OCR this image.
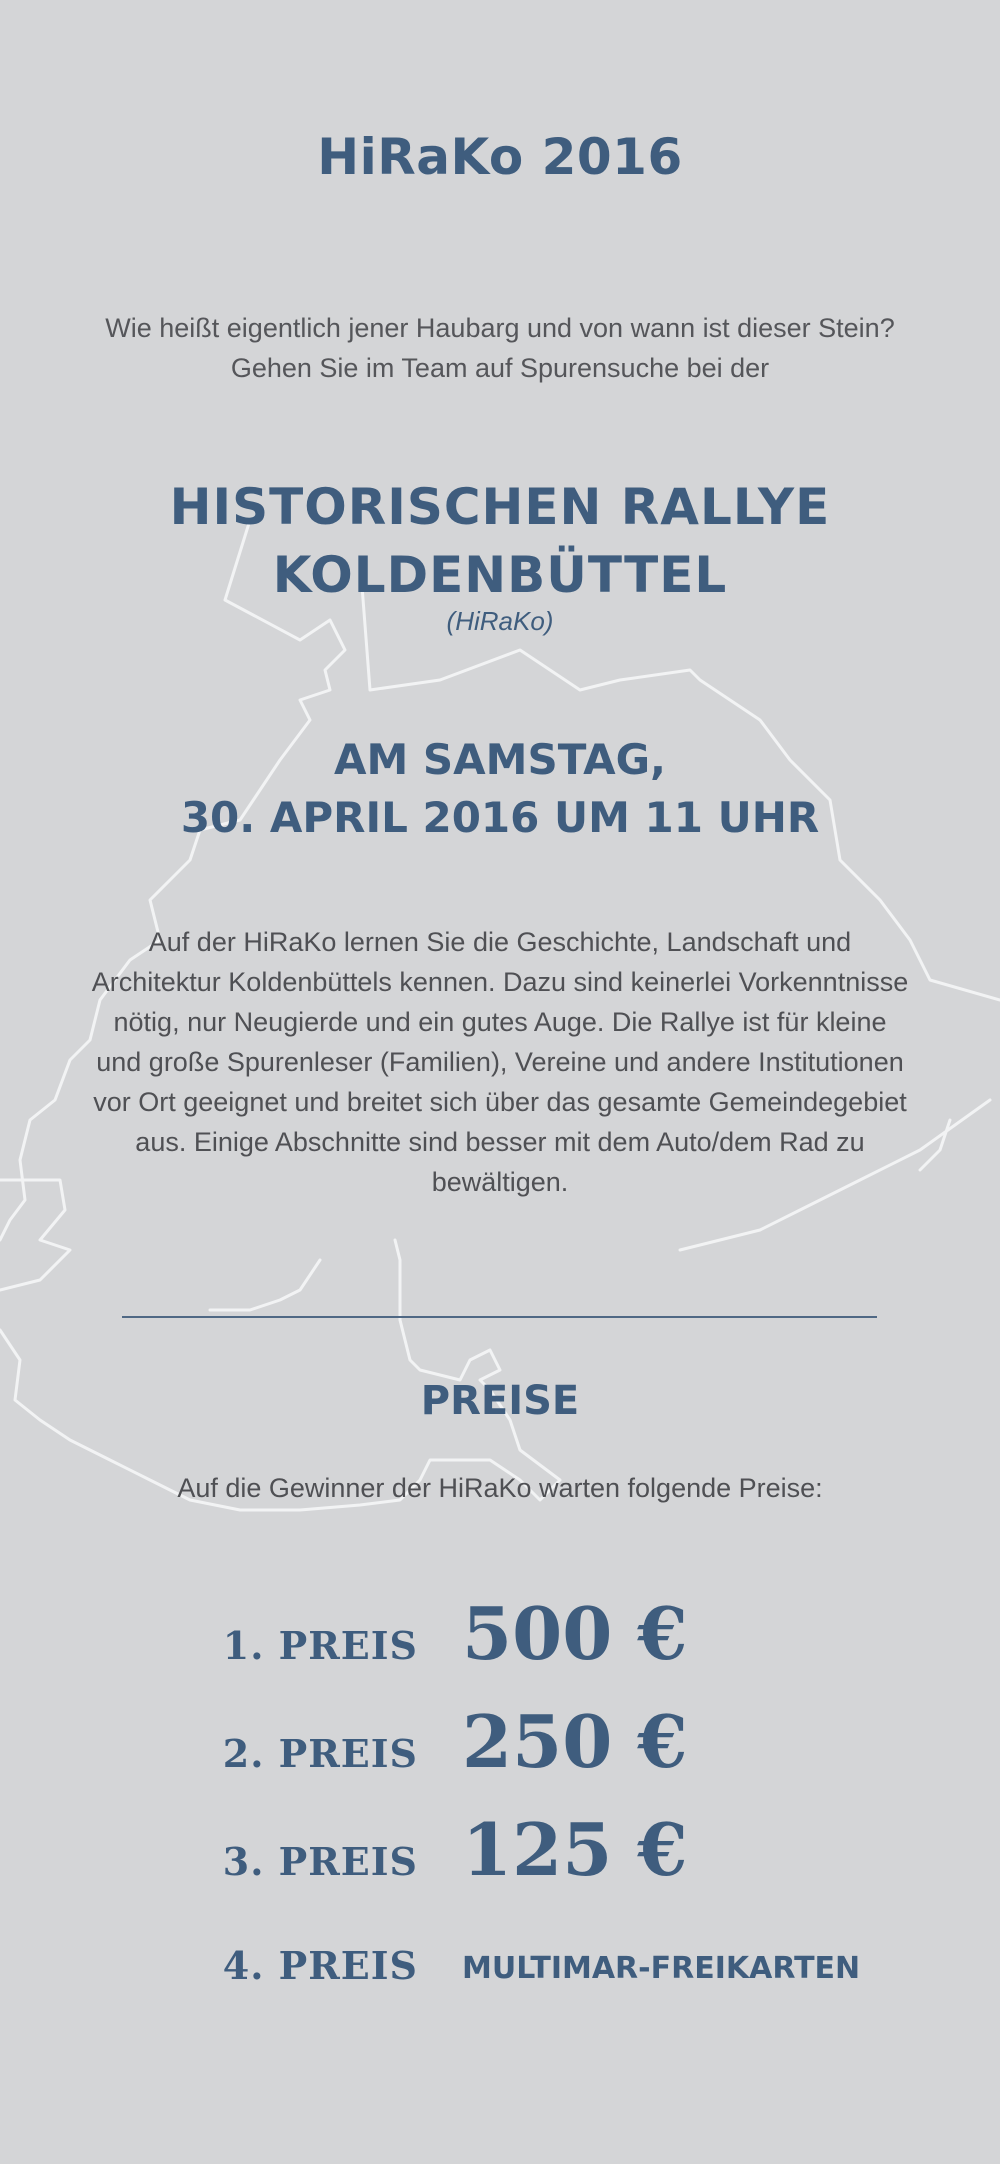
HiRaKo 2016
Wie heißt eigentlich jener Haubarg und von wann ist dieser Stein? Gehen Sie im Team auf Spurensuche bei der
HISTORISCHEN RALLYE
KOLDENBÜTTEL
(HiRaKo)
AM SAMSTAG,
30. APRIL 2016 UM 11 UHR
Auf der HiRaKo lernen Sie die Geschichte, Landschaft und Architektur Koldenbüttels kennen. Dazu sind keinerlei Vorkenntnisse nötig, nur Neugierde und ein gutes Auge. Die Rallye ist für kleine und große Spurenleser (Familien), Vereine und andere Institutionen vor Ort geeignet und breitet sich über das gesamte Gemeindegebiet aus. Einige Abschnitte sind besser mit dem Auto/dem Rad zu bewältigen.
PREISE
Auf die Gewinner der HiRaKo warten folgende Preise:
1. PREIS 500 €
2. PREIS 250 €
3. PREIS 125 €
4. PREIS MULTIMAR-FREIKARTEN
